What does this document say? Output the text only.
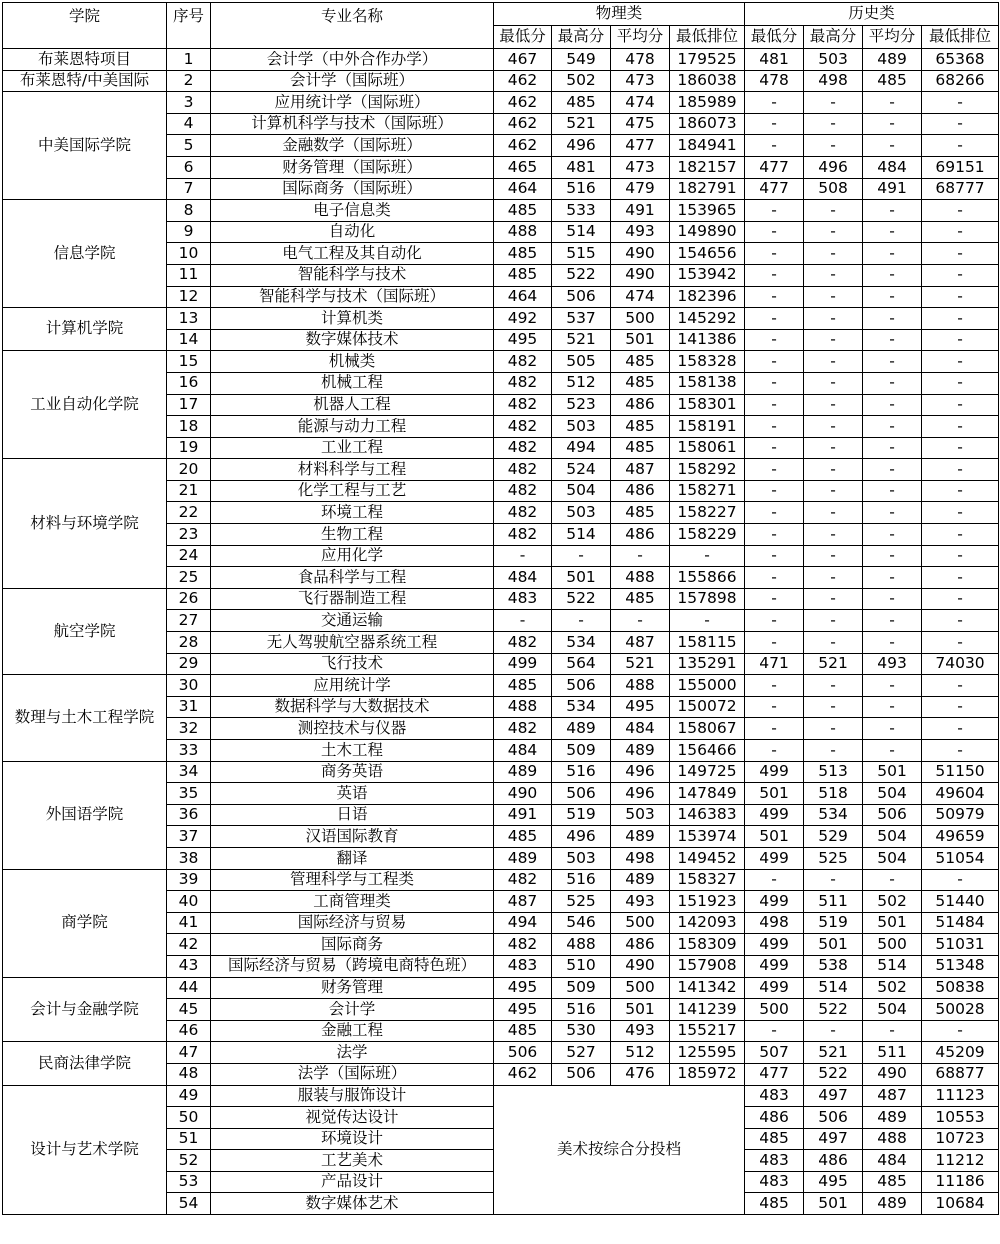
学院	序号	专业名称	物理类				历史类			
			最低分	最高分	平均分	最低排位	最低分	最高分	平均分	最低排位
布莱恩特项目	1	会计学（中外合作办学）	467	549	478	179525	481	503	489	65368
布莱恩特/中美国际	2	会计学（国际班）	462	502	473	186038	478	498	485	68266
中美国际学院	3	应用统计学（国际班）	462	485	474	185989	-	-	-	-
	4	计算机科学与技术（国际班）	462	521	475	186073	-	-	-	-
	5	金融数学（国际班）	462	496	477	184941	-	-	-	-
	6	财务管理（国际班）	465	481	473	182157	477	496	484	69151
	7	国际商务（国际班）	464	516	479	182791	477	508	491	68777
信息学院	8	电子信息类	485	533	491	153965	-	-	-	-
	9	自动化	488	514	493	149890	-	-	-	-
	10	电气工程及其自动化	485	515	490	154656	-	-	-	-
	11	智能科学与技术	485	522	490	153942	-	-	-	-
	12	智能科学与技术（国际班）	464	506	474	182396	-	-	-	-
计算机学院	13	计算机类	492	537	500	145292	-	-	-	-
	14	数字媒体技术	495	521	501	141386	-	-	-	-
工业自动化学院	15	机械类	482	505	485	158328	-	-	-	-
	16	机械工程	482	512	485	158138	-	-	-	-
	17	机器人工程	482	523	486	158301	-	-	-	-
	18	能源与动力工程	482	503	485	158191	-	-	-	-
	19	工业工程	482	494	485	158061	-	-	-	-
材料与环境学院	20	材料科学与工程	482	524	487	158292	-	-	-	-
	21	化学工程与工艺	482	504	486	158271	-	-	-	-
	22	环境工程	482	503	485	158227	-	-	-	-
	23	生物工程	482	514	486	158229	-	-	-	-
	24	应用化学	-	-	-	-	-	-	-	-
	25	食品科学与工程	484	501	488	155866	-	-	-	-
航空学院	26	飞行器制造工程	483	522	485	157898	-	-	-	-
	27	交通运输	-	-	-	-	-	-	-	-
	28	无人驾驶航空器系统工程	482	534	487	158115	-	-	-	-
	29	飞行技术	499	564	521	135291	471	521	493	74030
数理与土木工程学院	30	应用统计学	485	506	488	155000	-	-	-	-
	31	数据科学与大数据技术	488	534	495	150072	-	-	-	-
	32	测控技术与仪器	482	489	484	158067	-	-	-	-
	33	土木工程	484	509	489	156466	-	-	-	-
外国语学院	34	商务英语	489	516	496	149725	499	513	501	51150
	35	英语	490	506	496	147849	501	518	504	49604
	36	日语	491	519	503	146383	499	534	506	50979
	37	汉语国际教育	485	496	489	153974	501	529	504	49659
	38	翻译	489	503	498	149452	499	525	504	51054
商学院	39	管理科学与工程类	482	516	489	158327	-	-	-	-
	40	工商管理类	487	525	493	151923	499	511	502	51440
	41	国际经济与贸易	494	546	500	142093	498	519	501	51484
	42	国际商务	482	488	486	158309	499	501	500	51031
	43	国际经济与贸易（跨境电商特色班）	483	510	490	157908	499	538	514	51348
会计与金融学院	44	财务管理	495	509	500	141342	499	514	502	50838
	45	会计学	495	516	501	141239	500	522	504	50028
	46	金融工程	485	530	493	155217	-	-	-	-
民商法律学院	47	法学	506	527	512	125595	507	521	511	45209
	48	法学（国际班）	462	506	476	185972	477	522	490	68877
设计与艺术学院	49	服装与服饰设计	美术按综合分投档				483	497	487	11123
	50	视觉传达设计					486	506	489	10553
	51	环境设计					485	497	488	10723
	52	工艺美术					483	486	484	11212
	53	产品设计					483	495	485	11186
	54	数字媒体艺术					485	501	489	10684
